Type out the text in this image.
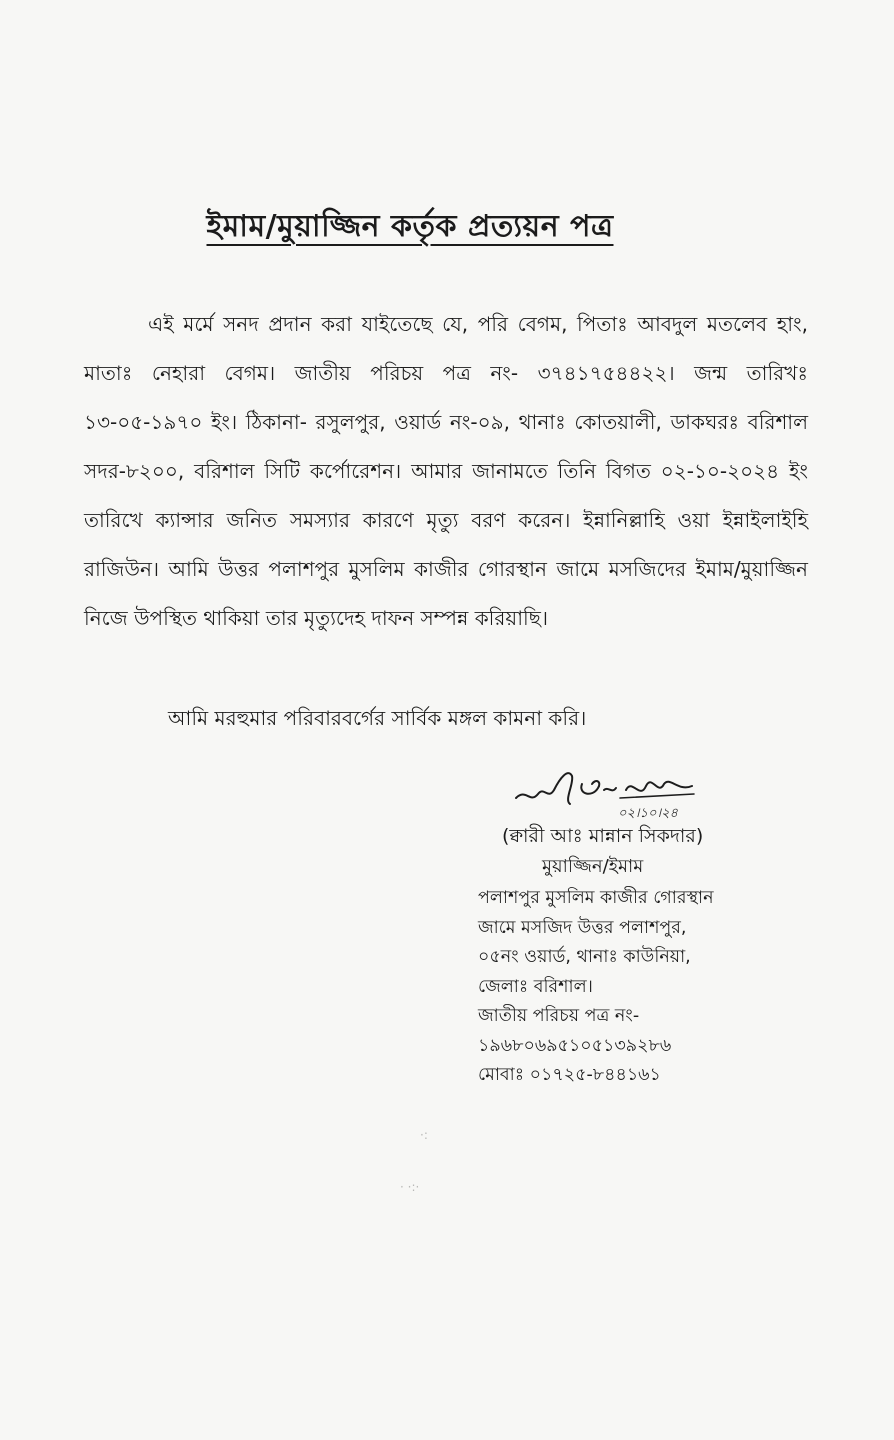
ইমাম/মুয়াজ্জিন কর্তৃক প্রত্যয়ন পত্র
এই মর্মে সনদ প্রদান করা যাইতেছে যে, পরি বেগম, পিতাঃ আবদুল মতলেব হাং, মাতাঃ নেহারা বেগম। জাতীয় পরিচয় পত্র নং- ৩৭৪১৭৫৪৪২২। জন্ম তারিখঃ ১৩-০৫-১৯৭০ ইং। ঠিকানা- রসুলপুর, ওয়ার্ড নং-০৯, থানাঃ কোতয়ালী, ডাকঘরঃ বরিশাল সদর-৮২০০, বরিশাল সিটি কর্পোরেশন। আমার জানামতে তিনি বিগত ০২-১০-২০২৪ ইং তারিখে ক্যান্সার জনিত সমস্যার কারণে মৃত্যু বরণ করেন। ইন্নানিল্লাহি ওয়া ইন্নাইলাইহি রাজিউন। আমি উত্তর পলাশপুর মুসলিম কাজীর গোরস্থান জামে মসজিদের ইমাম/মুয়াজ্জিন নিজে উপস্থিত থাকিয়া তার মৃত্যুদেহ দাফন সম্পন্ন করিয়াছি।
আমি মরহুমার পরিবারবর্গের সার্বিক মঙ্গল কামনা করি।
০২।১০।২৪
(ক্বারী আঃ মান্নান সিকদার)
মুয়াজ্জিন/ইমাম
পলাশপুর মুসলিম কাজীর গোরস্থান
জামে মসজিদ উত্তর পলাশপুর,
০৫নং ওয়ার্ড, থানাঃ কাউনিয়া,
জেলাঃ বরিশাল।
জাতীয় পরিচয় পত্র নং-
১৯৬৮০৬৯৫১০৫১৩৯২৮৬
মোবাঃ ০১৭২৫-৮৪৪১৬১
·:
· ·:·
